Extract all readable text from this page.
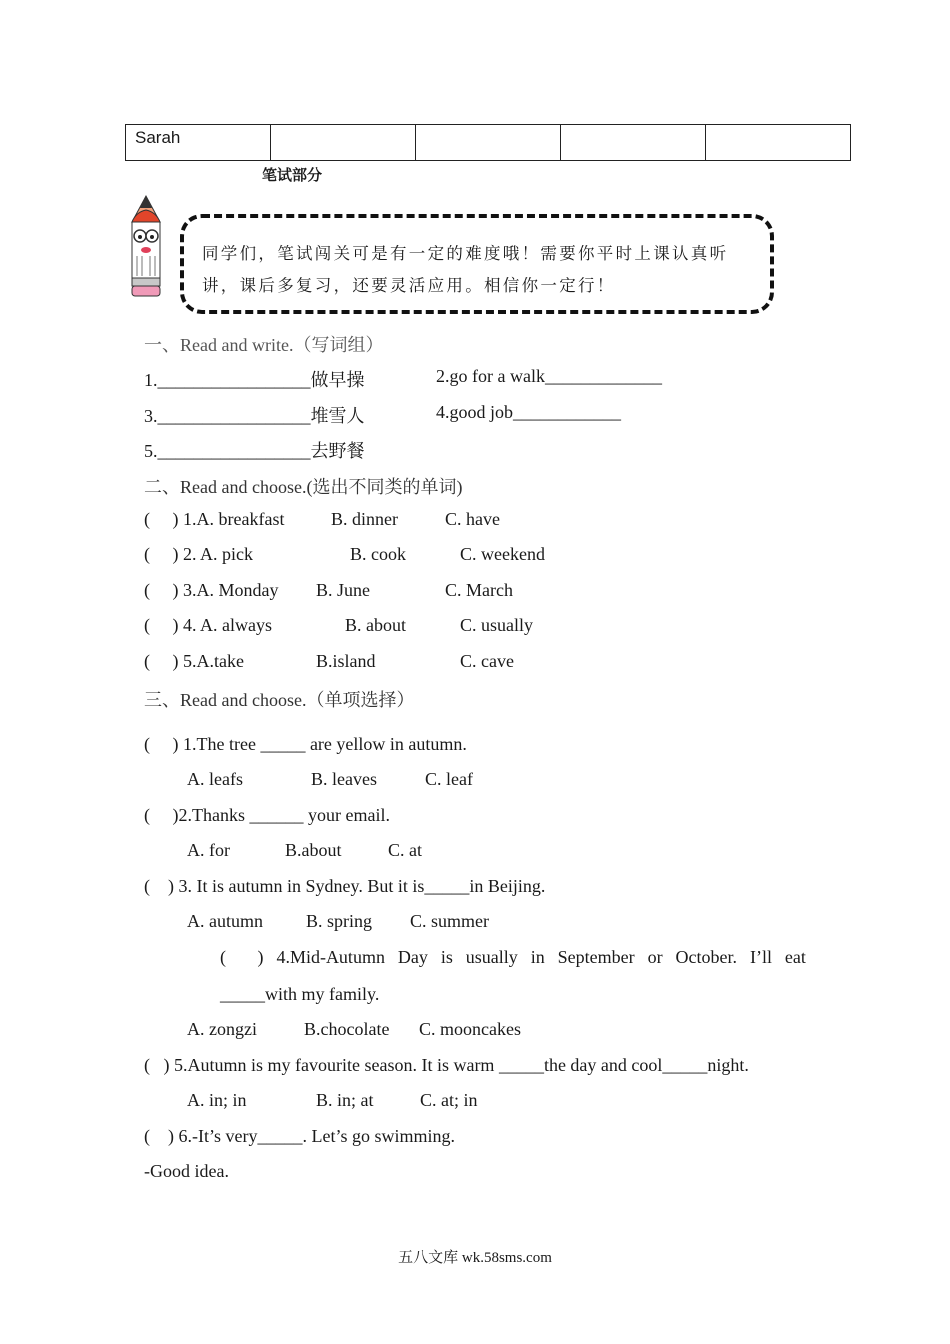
Sarah				
笔试部分
同学们，笔试闯关可是有一定的难度哦！需要你平时上课认真听
讲，课后多复习，还要灵活应用。相信你一定行！
一、Read and write.（写词组）
1._________________做早操	2.go for a walk_____________
3._________________堆雪人	4.good job____________
5._________________去野餐
二、Read and choose.(选出不同类的单词)
(     ) 1.A. breakfast	B. dinner	C. have
(     ) 2. A. pick	B. cook	C. weekend
(     ) 3.A. Monday B. June	C. March
(     ) 4. A. always	B. about	C. usually
(     ) 5.A.take	B.island	C. cave
三、Read and choose.（单项选择）
(     ) 1.The tree _____ are yellow in autumn.
A. leafs	B. leaves	C. leaf
(     )2.Thanks ______ your email.
A. for	B.about	C. at
(    ) 3. It is autumn in Sydney. But it is_____in Beijing.
A. autumn B. spring C. summer
(       ) 4.Mid-Autumn Day is usually in September or October. I’ll eat
_____with my family.
A. zongzi	B.chocolate C. mooncakes
(   ) 5.Autumn is my favourite season. It is warm _____the day and cool_____night.
A. in; in	B. in; at	C. at; in
(    ) 6.-It’s very_____. Let’s go swimming.
-Good idea.
五八文库 wk.58sms.com
